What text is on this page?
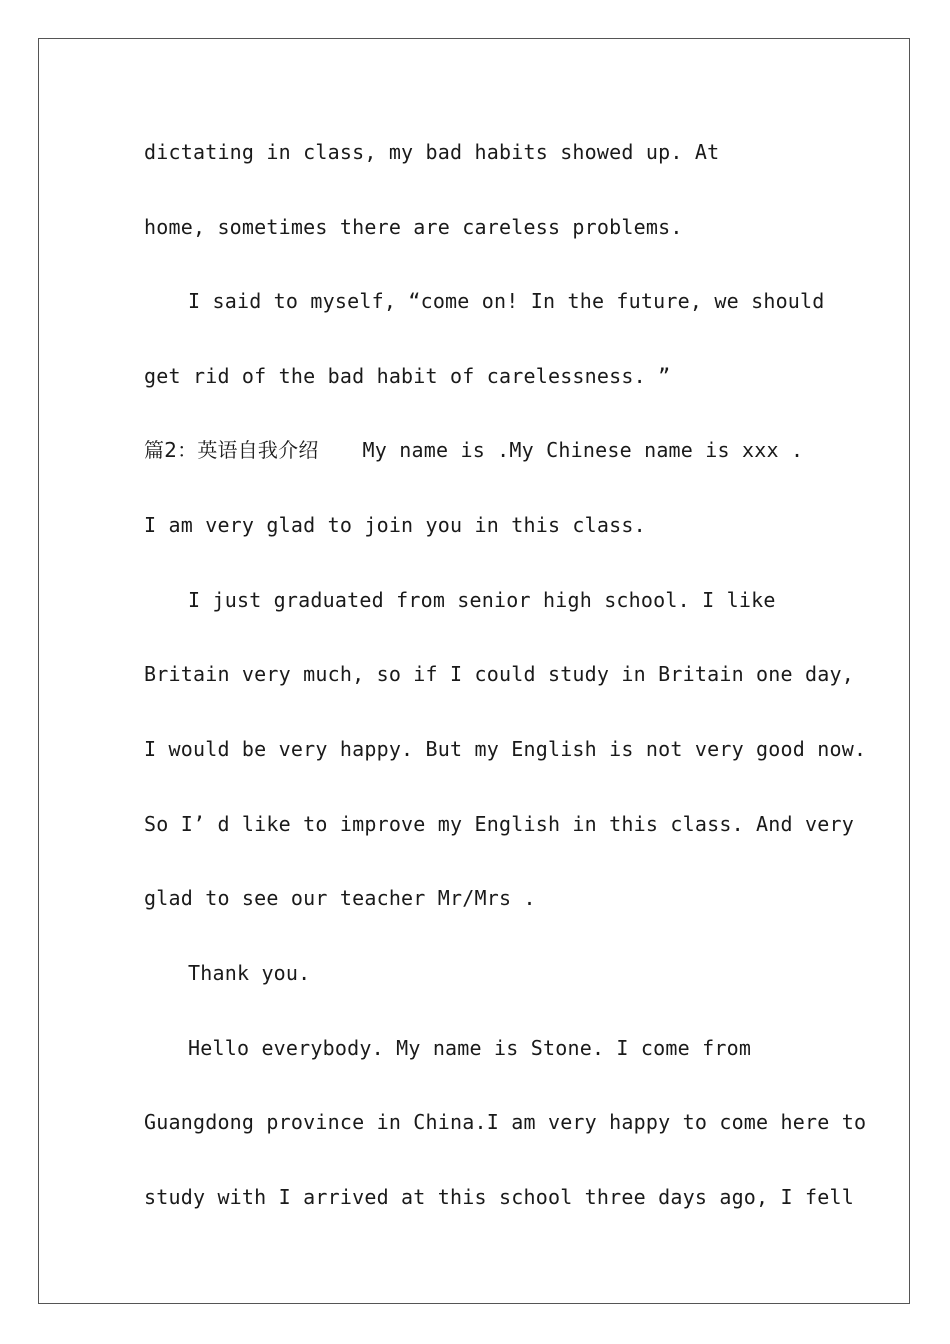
dictating in class, my bad habits showed up. At
home, sometimes there are careless problems.
I said to myself, “come on! In the future, we should
get rid of the bad habit of carelessness. ”
篇2：英语自我介绍 My name is .My Chinese name is xxx .
I am very glad to join you in this class.
I just graduated from senior high school. I like
Britain very much, so if I could study in Britain one day,
I would be very happy. But my English is not very good now.
So I’ d like to improve my English in this class. And very
glad to see our teacher Mr/Mrs .
Thank you.
Hello everybody. My name is Stone. I come from
Guangdong province in China.I am very happy to come here to
study with I arrived at this school three days ago, I fell
